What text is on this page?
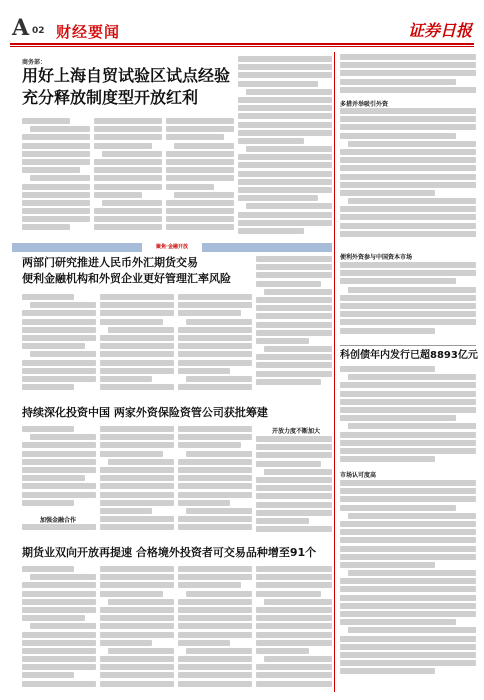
A 02 财经要闻	证券日报
商务部：
用好上海自贸试验区试点经验
充分释放制度型开放红利
聚焦·金融开放
两部门研究推进人民币外汇期货交易
便利金融机构和外贸企业更好管理汇率风险
持续深化投资中国 两家外资保险资管公司获批筹建
加强金融合作
开放力度不断加大
期货业双向开放再提速 合格境外投资者可交易品种增至91个
多措并举吸引外资
便利外资参与中国资本市场
科创债年内发行已超8893亿元
市场认可度高
